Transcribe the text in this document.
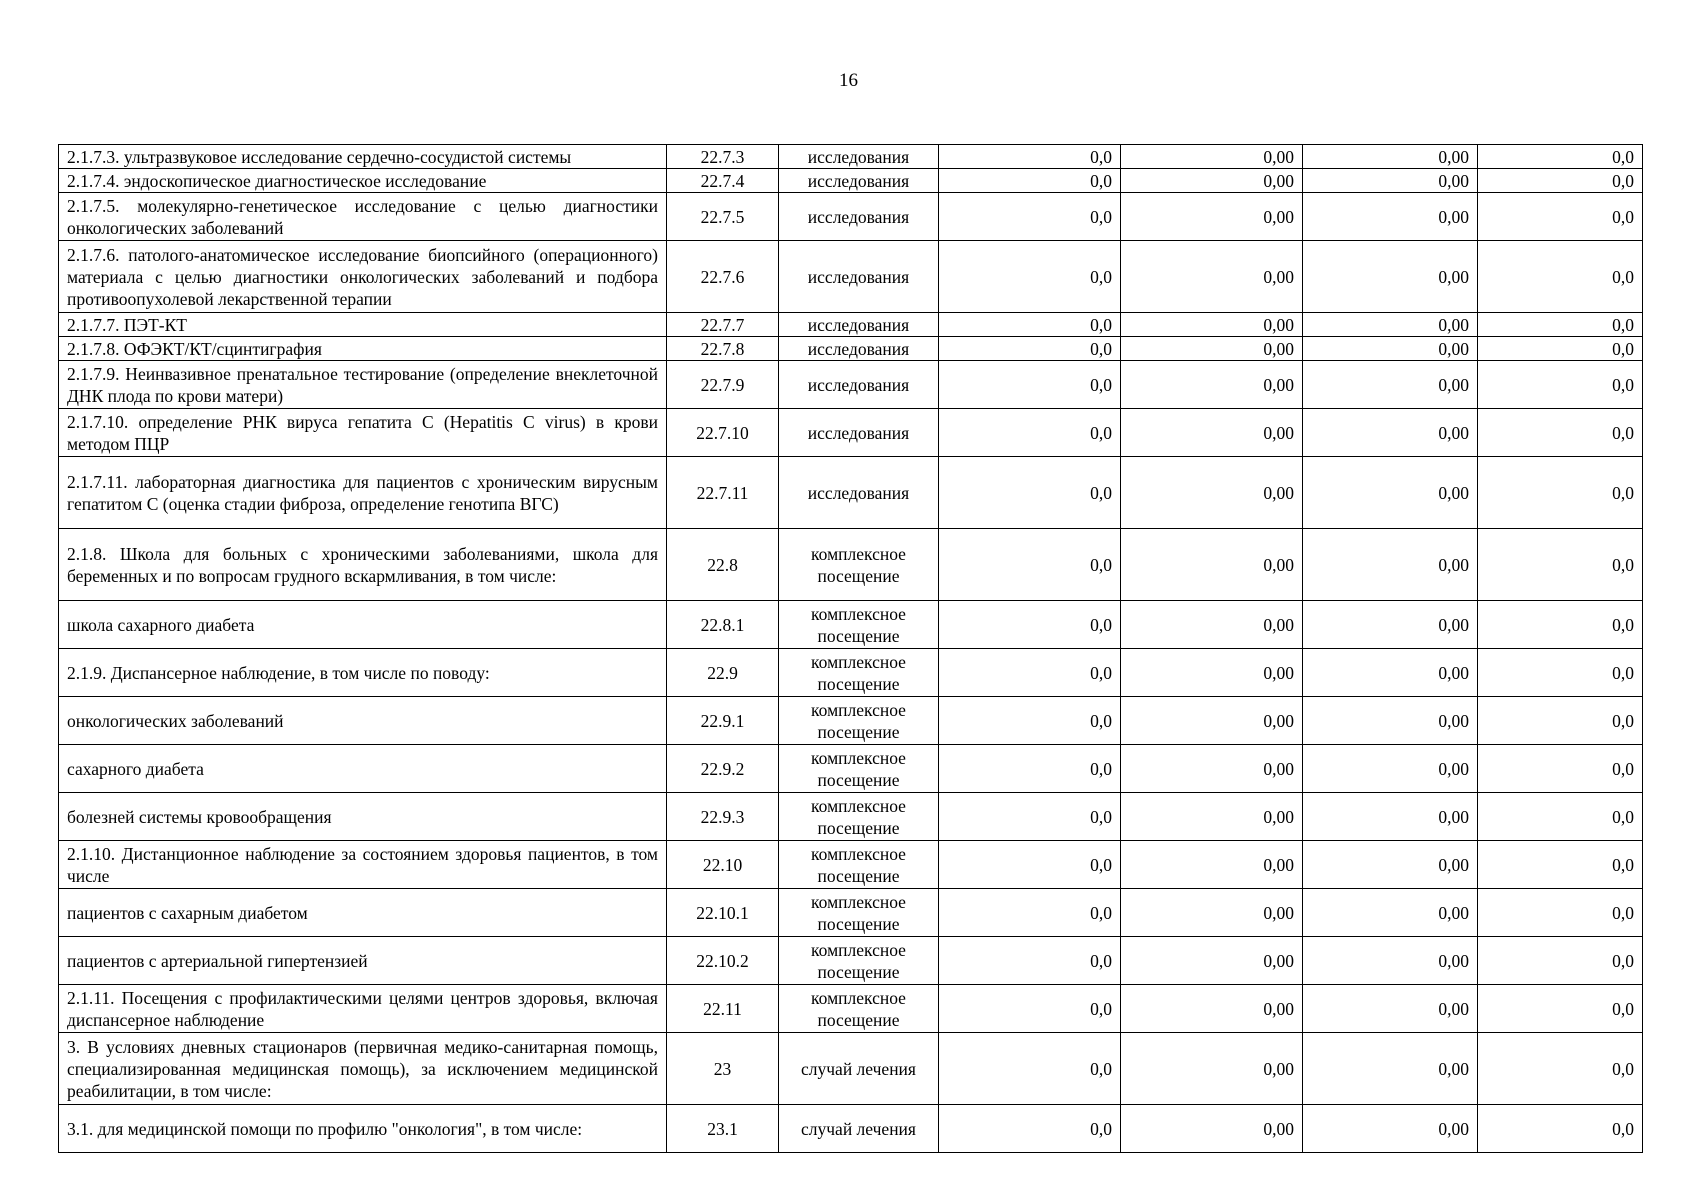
16
2.1.7.3. ультразвуковое исследование сердечно-сосудистой системы	22.7.3	исследования	0,0	0,00	0,00	0,0
2.1.7.4. эндоскопическое диагностическое исследование	22.7.4	исследования	0,0	0,00	0,00	0,0
2.1.7.5. молекулярно-генетическое исследование с целью диагностики онкологических заболеваний	22.7.5	исследования	0,0	0,00	0,00	0,0
2.1.7.6. патолого-анатомическое исследование биопсийного (операционного) материала с целью диагностики онкологических заболеваний и подбора противоопухолевой лекарственной терапии	22.7.6	исследования	0,0	0,00	0,00	0,0
2.1.7.7. ПЭТ-КТ	22.7.7	исследования	0,0	0,00	0,00	0,0
2.1.7.8. ОФЭКТ/КТ/сцинтиграфия	22.7.8	исследования	0,0	0,00	0,00	0,0
2.1.7.9. Неинвазивное пренатальное тестирование (определение внеклеточной ДНК плода по крови матери)	22.7.9	исследования	0,0	0,00	0,00	0,0
2.1.7.10. определение РНК вируса гепатита C (Hepatitis C virus) в крови методом ПЦР	22.7.10	исследования	0,0	0,00	0,00	0,0
2.1.7.11. лабораторная диагностика для пациентов с хроническим вирусным гепатитом C (оценка стадии фиброза, определение генотипа ВГС)	22.7.11	исследования	0,0	0,00	0,00	0,0
2.1.8. Школа для больных с хроническими заболеваниями, школа для беременных и по вопросам грудного вскармливания, в том числе:	22.8	комплексное посещение	0,0	0,00	0,00	0,0
школа сахарного диабета	22.8.1	комплексное посещение	0,0	0,00	0,00	0,0
2.1.9. Диспансерное наблюдение, в том числе по поводу:	22.9	комплексное посещение	0,0	0,00	0,00	0,0
онкологических заболеваний	22.9.1	комплексное посещение	0,0	0,00	0,00	0,0
сахарного диабета	22.9.2	комплексное посещение	0,0	0,00	0,00	0,0
болезней системы кровообращения	22.9.3	комплексное посещение	0,0	0,00	0,00	0,0
2.1.10. Дистанционное наблюдение за состоянием здоровья пациентов, в том числе	22.10	комплексное посещение	0,0	0,00	0,00	0,0
пациентов с сахарным диабетом	22.10.1	комплексное посещение	0,0	0,00	0,00	0,0
пациентов с артериальной гипертензией	22.10.2	комплексное посещение	0,0	0,00	0,00	0,0
2.1.11. Посещения с профилактическими целями центров здоровья, включая диспансерное наблюдение	22.11	комплексное посещение	0,0	0,00	0,00	0,0
3. В условиях дневных стационаров (первичная медико-санитарная помощь, специализированная медицинская помощь), за исключением медицинской реабилитации, в том числе:	23	случай лечения	0,0	0,00	0,00	0,0
3.1. для медицинской помощи по профилю "онкология", в том числе:	23.1	случай лечения	0,0	0,00	0,00	0,0
